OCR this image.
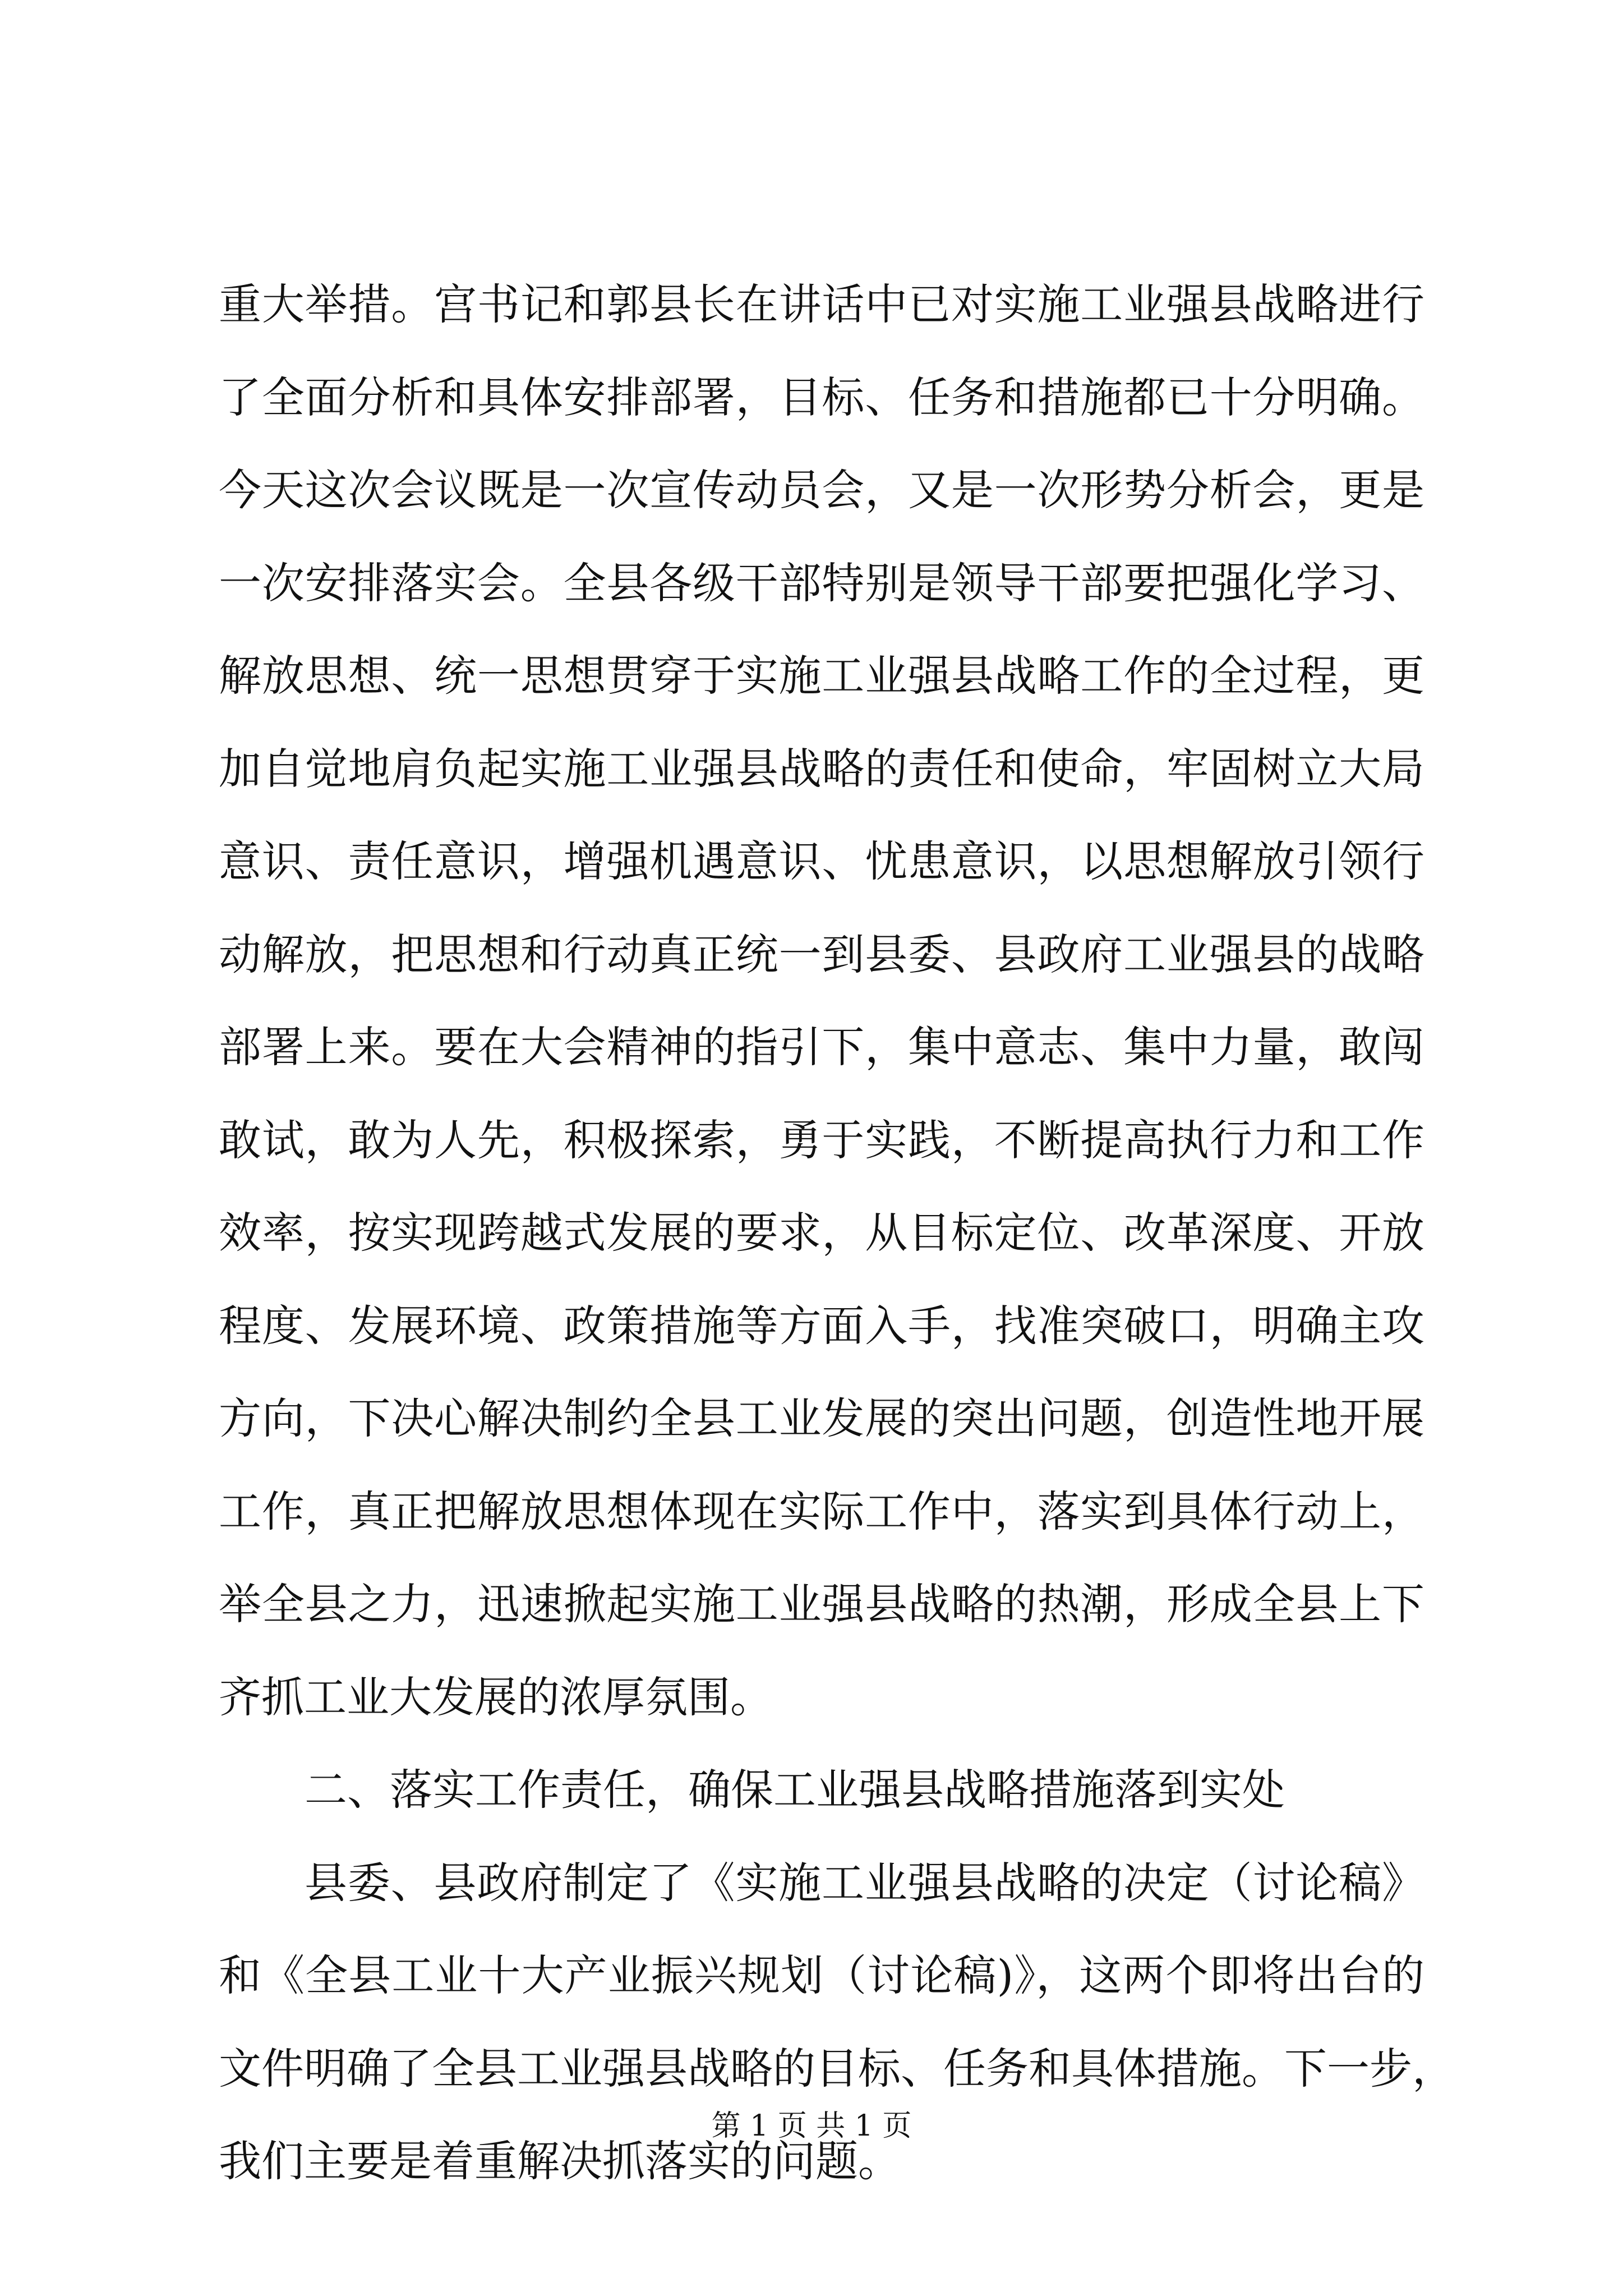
重大举措。宫书记和郭县长在讲话中已对实施工业强县战略进行
了全面分析和具体安排部署，目标、任务和措施都已十分明确。
今天这次会议既是一次宣传动员会，又是一次形势分析会，更是
一次安排落实会。全县各级干部特别是领导干部要把强化学习、
解放思想、统一思想贯穿于实施工业强县战略工作的全过程，更
加自觉地肩负起实施工业强县战略的责任和使命，牢固树立大局
意识、责任意识，增强机遇意识、忧患意识，以思想解放引领行
动解放，把思想和行动真正统一到县委、县政府工业强县的战略
部署上来。要在大会精神的指引下，集中意志、集中力量，敢闯
敢试，敢为人先，积极探索，勇于实践，不断提高执行力和工作
效率，按实现跨越式发展的要求，从目标定位、改革深度、开放
程度、发展环境、政策措施等方面入手，找准突破口，明确主攻
方向，下决心解决制约全县工业发展的突出问题，创造性地开展
工作，真正把解放思想体现在实际工作中，落实到具体行动上，
举全县之力，迅速掀起实施工业强县战略的热潮，形成全县上下
齐抓工业大发展的浓厚氛围。
二、落实工作责任，确保工业强县战略措施落到实处
县委、县政府制定了《实施工业强县战略的决定（讨论稿》
和《全县工业十大产业振兴规划（讨论稿)》，这两个即将出台的
文件明确了全县工业强县战略的目标、任务和具体措施。下一步，
我们主要是着重解决抓落实的问题。
第 1 页 共 1 页
